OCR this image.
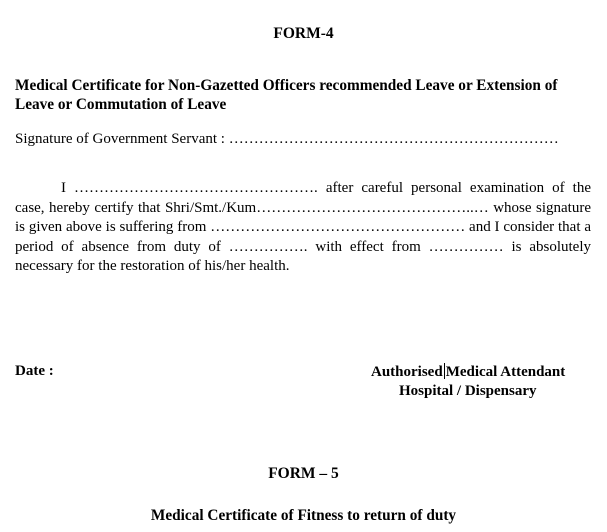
FORM-4

Medical Certificate for Non-Gazetted Officers recommended Leave or Extension of Leave or Commutation of Leave

Signature of Government Servant : …………………………………………………………

I …………………………………………. after careful personal examination of the case, hereby certify that Shri/Smt./Kum……………………………………..… whose signature is given above is suffering from …………………………………………… and I consider that a period of absence from duty of ……………. with effect from …………… is absolutely necessary for the restoration of his/her health.

Date :	Authorised Medical Attendant
Hospital / Dispensary

FORM – 5

Medical Certificate of Fitness to return of duty
